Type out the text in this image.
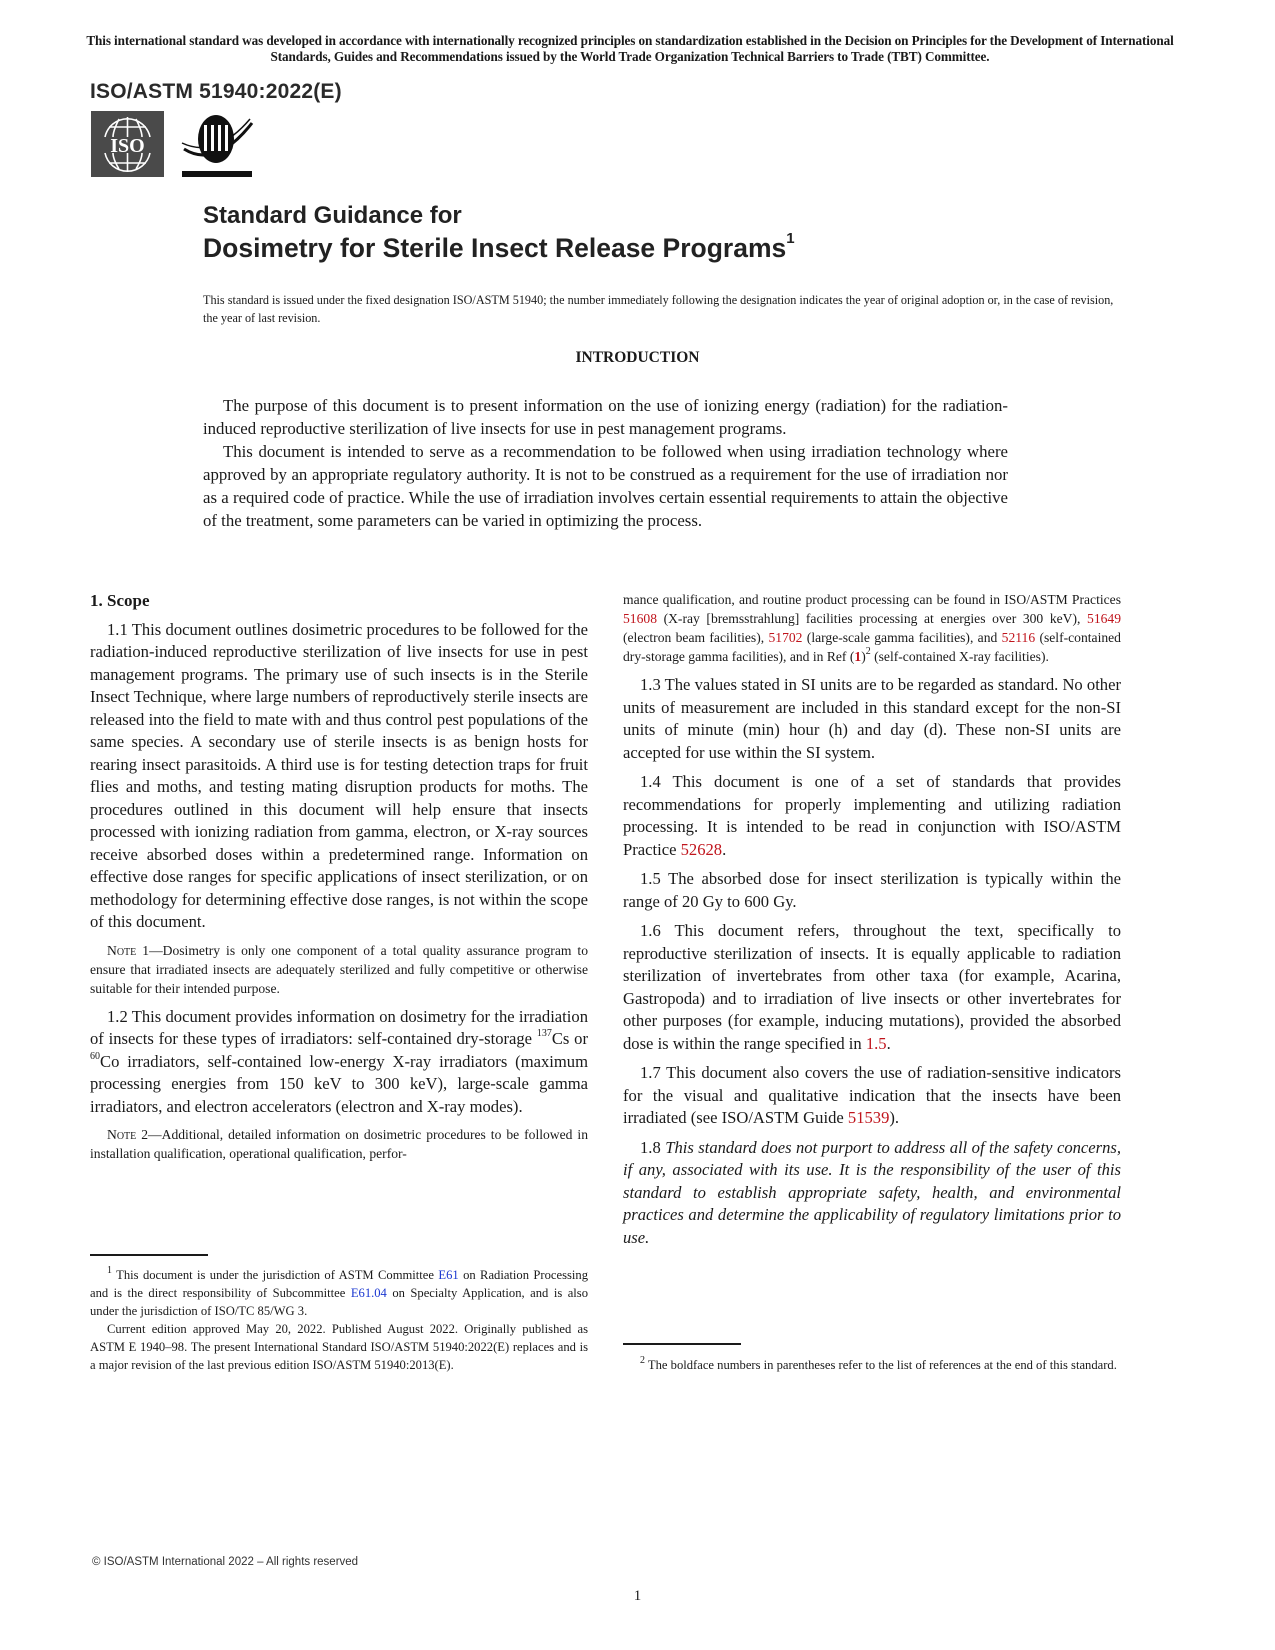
This international standard was developed in accordance with internationally recognized principles on standardization established in the Decision on Principles for the Development of International Standards, Guides and Recommendations issued by the World Trade Organization Technical Barriers to Trade (TBT) Committee.
ISO/ASTM 51940:2022(E)
ISO
Standard Guidance for
Dosimetry for Sterile Insect Release Programs$^1$
This standard is issued under the fixed designation ISO/ASTM 51940; the number immediately following the designation indicates the year of original adoption or, in the case of revision, the year of last revision.
INTRODUCTION

The purpose of this document is to present information on the use of ionizing energy (radiation) for the radiation-induced reproductive sterilization of live insects for use in pest management programs.

This document is intended to serve as a recommendation to be followed when using irradiation technology where approved by an appropriate regulatory authority. It is not to be construed as a requirement for the use of irradiation nor as a required code of practice. While the use of irradiation involves certain essential requirements to attain the objective of the treatment, some parameters can be varied in optimizing the process.

1. Scope

1.1 This document outlines dosimetric procedures to be followed for the radiation-induced reproductive sterilization of live insects for use in pest management programs. The primary use of such insects is in the Sterile Insect Technique, where large numbers of reproductively sterile insects are released into the field to mate with and thus control pest populations of the same species. A secondary use of sterile insects is as benign hosts for rearing insect parasitoids. A third use is for testing detection traps for fruit flies and moths, and testing mating disruption products for moths. The procedures outlined in this document will help ensure that insects processed with ionizing radiation from gamma, electron, or X-ray sources receive absorbed doses within a predetermined range. Information on effective dose ranges for specific applications of insect sterilization, or on methodology for determining effective dose ranges, is not within the scope of this document.

Note 1—Dosimetry is only one component of a total quality assurance program to ensure that irradiated insects are adequately sterilized and fully competitive or otherwise suitable for their intended purpose.

1.2 This document provides information on dosimetry for the irradiation of insects for these types of irradiators: self-contained dry-storage $^{137}$Cs or $^{60}$Co irradiators, self-contained low-energy X-ray irradiators (maximum processing energies from 150 keV to 300 keV), large-scale gamma irradiators, and electron accelerators (electron and X-ray modes).

Note 2—Additional, detailed information on dosimetric procedures to be followed in installation qualification, operational qualification, perfor-

mance qualification, and routine product processing can be found in ISO/ASTM Practices 51608 (X-ray [bremsstrahlung] facilities processing at energies over 300 keV), 51649 (electron beam facilities), 51702 (large-scale gamma facilities), and 52116 (self-contained dry-storage gamma facilities), and in Ref $(1)^2$ (self-contained X-ray facilities).

1.3 The values stated in SI units are to be regarded as standard. No other units of measurement are included in this standard except for the non-SI units of minute (min) hour (h) and day (d). These non-SI units are accepted for use within the SI system.

1.4 This document is one of a set of standards that provides recommendations for properly implementing and utilizing radiation processing. It is intended to be read in conjunction with ISO/ASTM Practice 52628.

1.5 The absorbed dose for insect sterilization is typically within the range of 20 Gy to 600 Gy.

1.6 This document refers, throughout the text, specifically to reproductive sterilization of insects. It is equally applicable to radiation sterilization of invertebrates from other taxa (for example, Acarina, Gastropoda) and to irradiation of live insects or other invertebrates for other purposes (for example, inducing mutations), provided the absorbed dose is within the range specified in 1.5.

1.7 This document also covers the use of radiation-sensitive indicators for the visual and qualitative indication that the insects have been irradiated (see ISO/ASTM Guide 51539).

1.8 This standard does not purport to address all of the safety concerns, if any, associated with its use. It is the responsibility of the user of this standard to establish appropriate safety, health, and environmental practices and determine the applicability of regulatory limitations prior to use.

$^1$ This document is under the jurisdiction of ASTM Committee E61 on Radiation Processing and is the direct responsibility of Subcommittee E61.04 on Specialty Application, and is also under the jurisdiction of ISO/TC 85/WG 3.

Current edition approved May 20, 2022. Published August 2022. Originally published as ASTM E 1940–98. The present International Standard ISO/ASTM 51940:2022(E) replaces and is a major revision of the last previous edition ISO/ASTM 51940:2013(E).	$^2$ The boldface numbers in parentheses refer to the list of references at the end of this standard.

© ISO/ASTM International 2022 – All rights reserved
1
